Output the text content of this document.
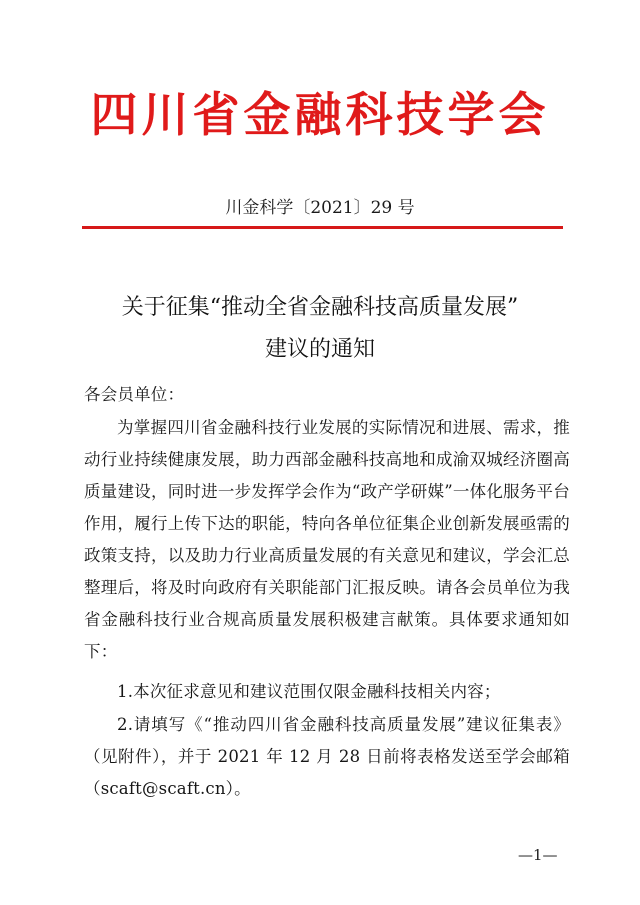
四川省金融科技学会
川金科学〔2021〕29 号
关于征集“推动全省金融科技高质量发展”
建议的通知
各会员单位：
为掌握四川省金融科技行业发展的实际情况和进展、需求，推动行业持续健康发展，助力西部金融科技高地和成渝双城经济圈高质量建设，同时进一步发挥学会作为“政产学研媒”一体化服务平台作用，履行上传下达的职能，特向各单位征集企业创新发展亟需的政策支持，以及助力行业高质量发展的有关意见和建议，学会汇总整理后，将及时向政府有关职能部门汇报反映。请各会员单位为我省金融科技行业合规高质量发展积极建言献策。具体要求通知如下：
1.本次征求意见和建议范围仅限金融科技相关内容；
2.请填写《“推动四川省金融科技高质量发展”建议征集表》（见附件），并于 2021 年 12 月 28 日前将表格发送至学会邮箱（scaft@scaft.cn）。
—1—
